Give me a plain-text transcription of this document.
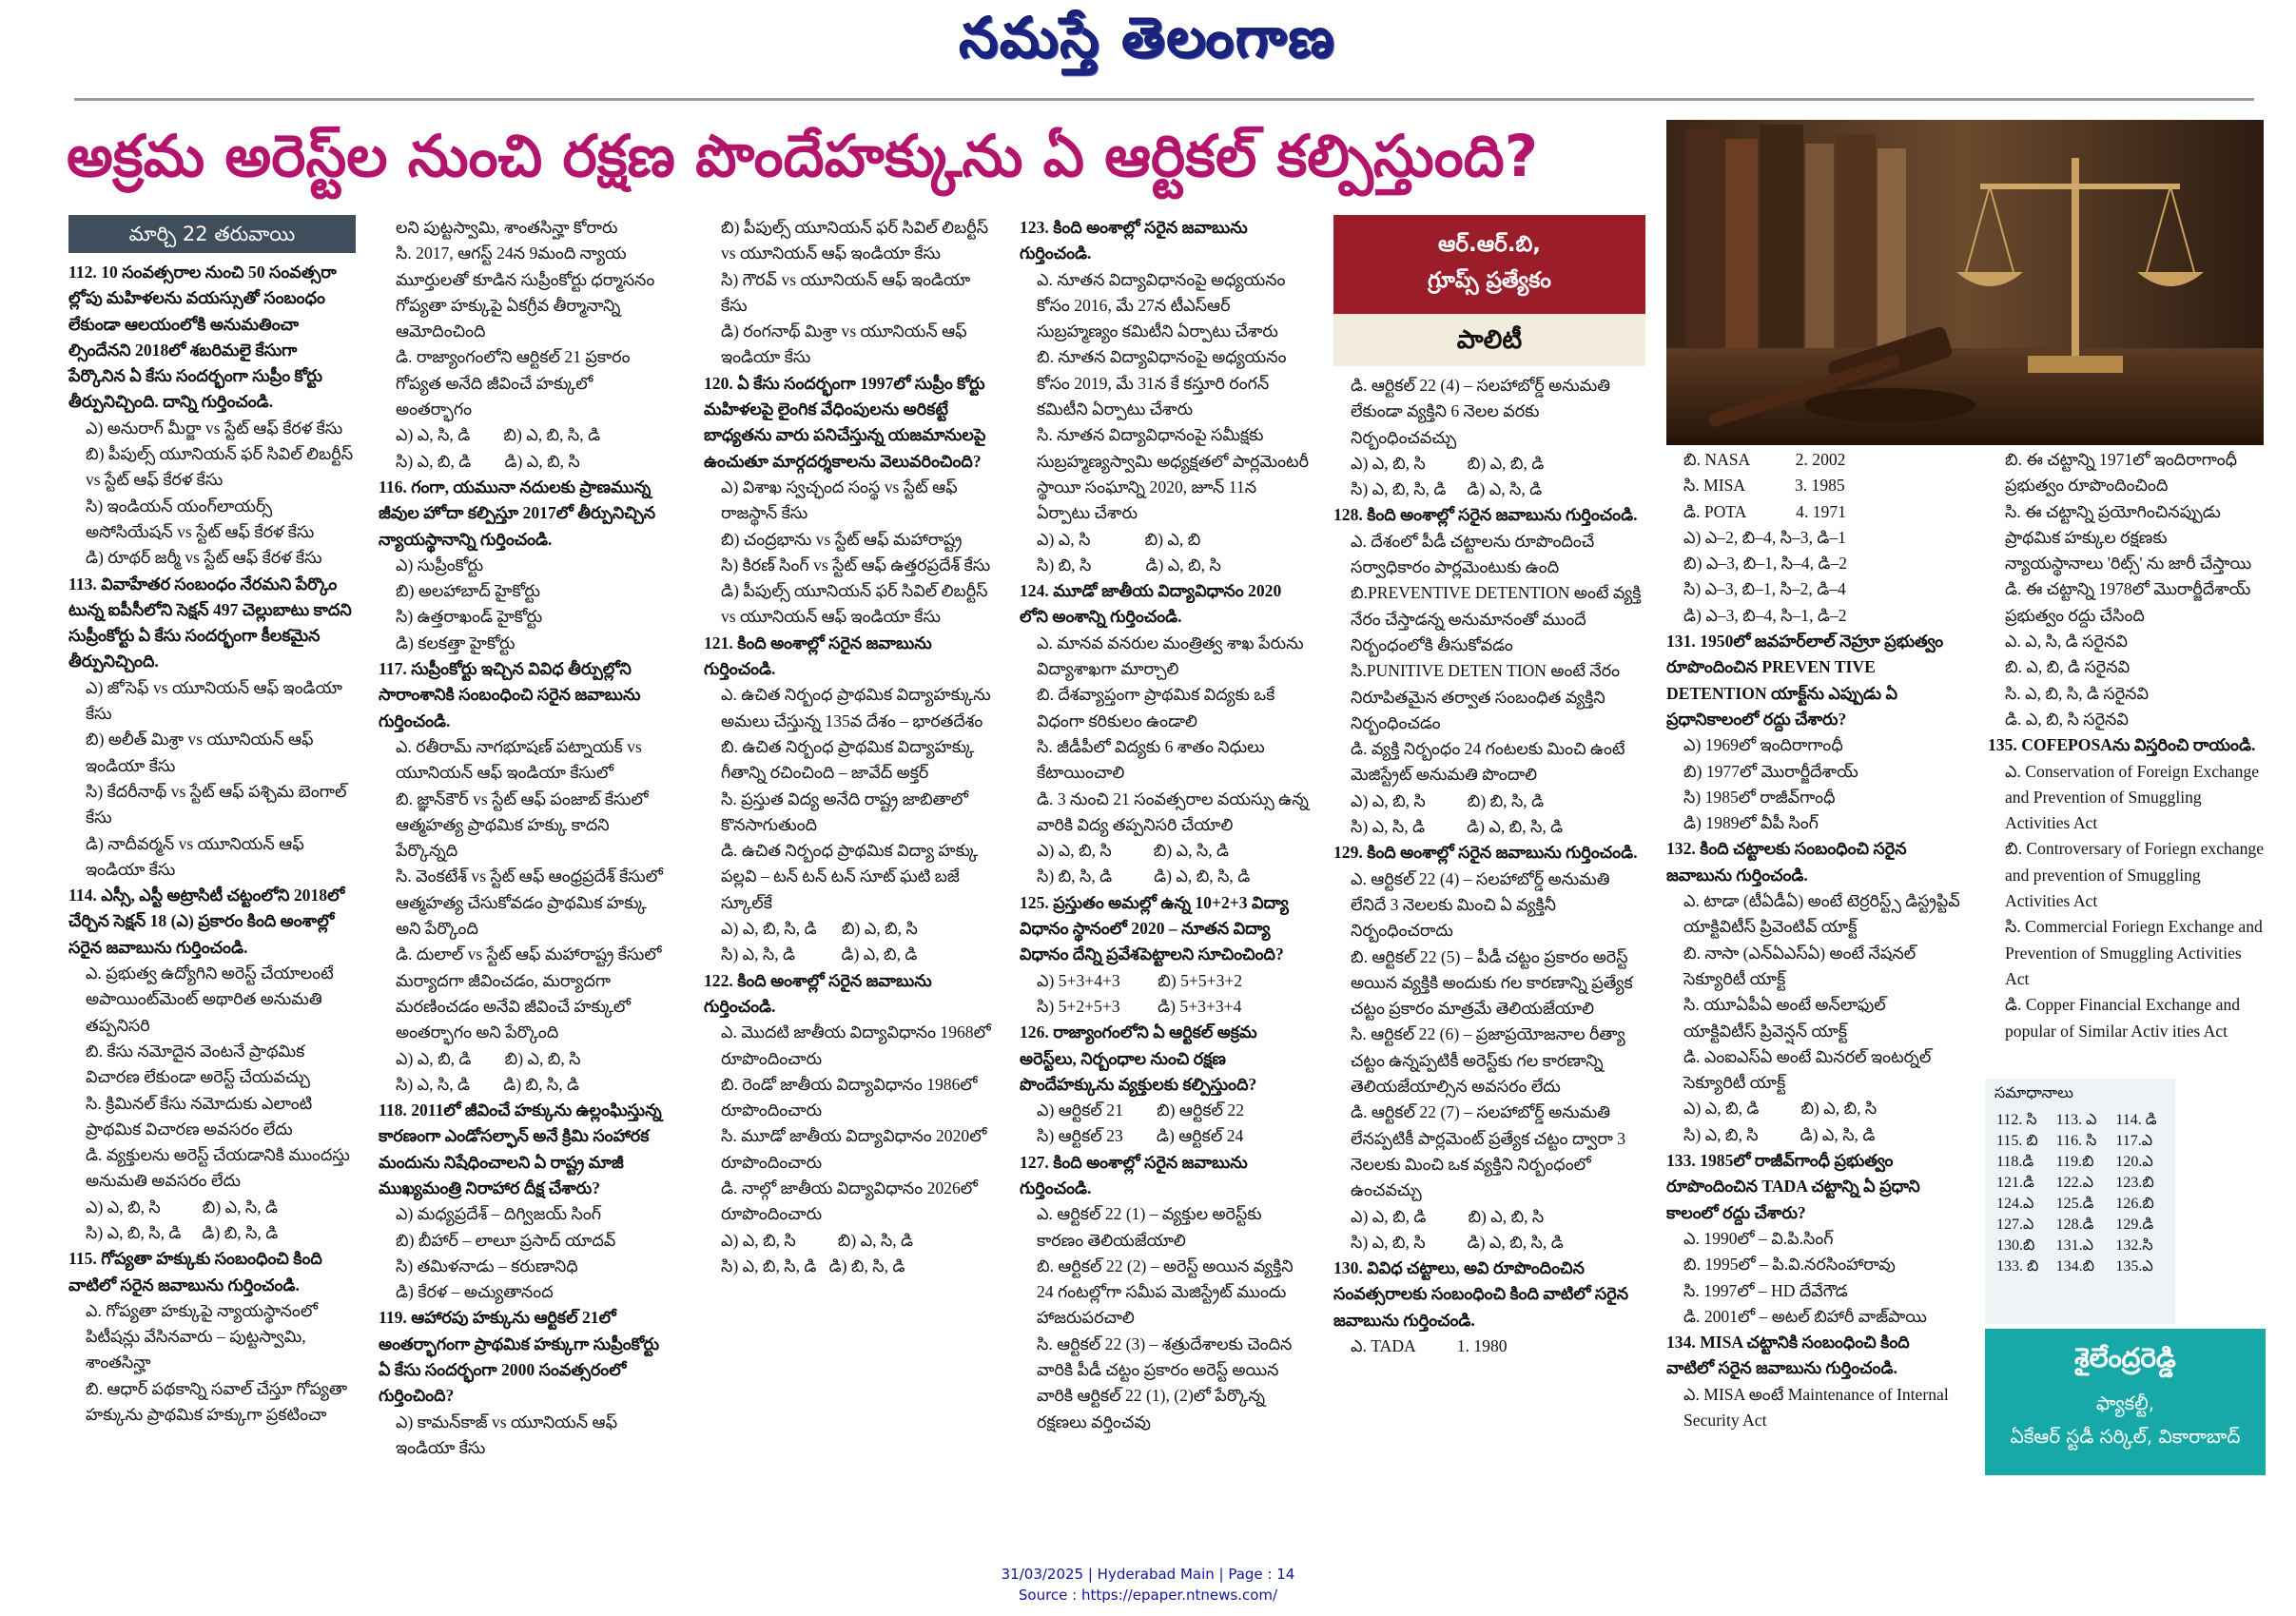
నమస్తే తెలంగాణ
అక్రమ అరెస్ట్‌ల నుంచి రక్షణ పొందేహక్కును ఏ ఆర్టికల్ కల్పిస్తుంది?
మార్చి 22 తరువాయి

112. 10 సంవత్సరాల నుంచి 50 సంవత్సరా ల్లోపు మహిళలను వయస్సుతో సంబంధం లేకుండా ఆలయంలోకి అనుమతించా ల్సిందేనని 2018లో శబరిమలై కేసుగా పేర్కొనిన ఏ కేసు సందర్భంగా సుప్రీం కోర్టు తీర్పునిచ్చింది. దాన్ని గుర్తించండి.

ఎ) అనురాగ్ మీర్జా vs స్టేట్ ఆఫ్ కేరళ కేసు

బి) పీపుల్స్ యూనియన్ ఫర్ సివిల్ లిబర్టీస్ vs స్టేట్ ఆఫ్ కేరళ కేసు

సి) ఇండియన్ యంగ్‌లాయర్స్ అసోసియేషన్ vs స్టేట్ ఆఫ్ కేరళ కేసు

డి) రూథర్ జర్మీ vs స్టేట్ ఆఫ్ కేరళ కేసు

113. వివాహేతర సంబంధం నేరమని పేర్కొం టున్న ఐపీసీలోని సెక్షన్ 497 చెల్లుబాటు కాదని సుప్రీంకోర్టు ఏ కేసు సందర్భంగా కీలకమైన తీర్పునిచ్చింది.

ఎ) జోసెఫ్ vs యూనియన్ ఆఫ్ ఇండియా కేసు

బి) అలీత్ మిశ్రా vs యూనియన్ ఆఫ్ ఇండియా కేసు

సి) కేదరీనాథ్ vs స్టేట్ ఆఫ్ పశ్చిమ బెంగాల్ కేసు

డి) నాదీవర్మన్ vs యూనియన్ ఆఫ్ ఇండియా కేసు

114. ఎస్సీ, ఎస్టీ అట్రాసిటీ చట్టంలోని 2018లో చేర్చిన సెక్షన్ 18 (ఎ) ప్రకారం కింది అంశాల్లో సరైన జవాబును గుర్తించండి.

ఎ. ప్రభుత్వ ఉద్యోగిని అరెస్ట్ చేయాలంటే అపాయింట్‌మెంట్ అథారిత అనుమతి తప్పనిసరి

బి. కేసు నమోదైన వెంటనే ప్రాథమిక విచారణ లేకుండా అరెస్ట్ చేయవచ్చు

సి. క్రిమినల్ కేసు నమోదుకు ఎలాంటి ప్రాథమిక విచారణ అవసరం లేదు

డి. వ్యక్తులను అరెస్ట్ చేయడానికి ముందస్తు అనుమతి అవసరం లేదు

ఎ) ఎ, బి, సి          బి) ఎ, సి, డి

సి) ఎ, బి, సి, డి     డి) బి, సి, డి

115. గోప్యతా హక్కుకు సంబంధించి కింది వాటిలో సరైన జవాబును గుర్తించండి.

ఎ. గోప్యతా హక్కుపై న్యాయస్థానంలో పిటీషన్లు వేసినవారు – పుట్టస్వామి, శాంతసిన్హా

బి. ఆధార్ పథకాన్ని సవాల్ చేస్తూ గోప్యతా హక్కును ప్రాథమిక హక్కుగా ప్రకటించా

లని పుట్టస్వామి, శాంతసిన్హా కోరారు

సి. 2017, ఆగస్ట్ 24న 9మంది న్యాయ మూర్తులతో కూడిన సుప్రీంకోర్టు ధర్మాసనం గోప్యతా హక్కుపై ఏకగ్రీవ తీర్మానాన్ని ఆమోదించింది

డి. రాజ్యాంగంలోని ఆర్టికల్ 21 ప్రకారం గోప్యత అనేది జీవించే హక్కులో అంతర్భాగం

ఎ) ఎ, సి, డి        బి) ఎ, బి, సి, డి

సి) ఎ, బి, డి        డి) ఎ, బి, సి

116. గంగా, యమునా నదులకు ప్రాణమున్న జీవుల హోదా కల్పిస్తూ 2017లో తీర్పునిచ్చిన న్యాయస్థానాన్ని గుర్తించండి.

ఎ) సుప్రీంకోర్టు

బి) అలహాబాద్ హైకోర్టు

సి) ఉత్తరాఖండ్ హైకోర్టు

డి) కలకత్తా హైకోర్టు

117. సుప్రీంకోర్టు ఇచ్చిన వివిధ తీర్పుల్లోని సారాంశానికి సంబంధించి సరైన జవాబును గుర్తించండి.

ఎ. రతీరామ్ నాగభూషణ్ పట్నాయక్ vs యూనియన్ ఆఫ్ ఇండియా కేసులో

బి. జ్ఞాన్‌కౌర్ vs స్టేట్ ఆఫ్ పంజాబ్ కేసులో ఆత్మహత్య ప్రాథమిక హక్కు కాదని పేర్కొన్నది

సి. వెంకటేశ్ vs స్టేట్ ఆఫ్ ఆంధ్రప్రదేశ్ కేసులో ఆత్మహత్య చేసుకోవడం ప్రాథమిక హక్కు అని పేర్కొంది

డి. దులాల్ vs స్టేట్ ఆఫ్ మహారాష్ట్ర కేసులో మర్యాదగా జీవించడం, మర్యాదగా మరణించడం అనేవి జీవించే హక్కులో అంతర్భాగం అని పేర్కొంది

ఎ) ఎ, బి, డి        బి) ఎ, బి, సి

సి) ఎ, సి, డి        డి) బి, సి, డి

118. 2011లో జీవించే హక్కును ఉల్లంఘిస్తున్న కారణంగా ఎండోసల్ఫాన్ అనే క్రిమి సంహారక మందును నిషేధించాలని ఏ రాష్ట్ర మాజీ ముఖ్యమంత్రి నిరాహార దీక్ష చేశారు?

ఎ) మధ్యప్రదేశ్ – దిగ్విజయ్ సింగ్

బి) బీహార్ – లాలూ ప్రసాద్ యాదవ్

సి) తమిళనాడు – కరుణానిధి

డి) కేరళ – అచ్యుతానంద

119. ఆహారపు హక్కును ఆర్టికల్ 21లో అంతర్భాగంగా ప్రాథమిక హక్కుగా సుప్రీంకోర్టు ఏ కేసు సందర్భంగా 2000 సంవత్సరంలో గుర్తించింది?

ఎ) కామన్‌కాజ్ vs యూనియన్ ఆఫ్ ఇండియా కేసు

బి) పీపుల్స్ యూనియన్ ఫర్ సివిల్ లిబర్టీస్ vs యూనియన్ ఆఫ్ ఇండియా కేసు

సి) గౌరవ్ vs యూనియన్ ఆఫ్ ఇండియా కేసు

డి) రంగనాథ్ మిశ్రా vs యూనియన్ ఆఫ్ ఇండియా కేసు

120. ఏ కేసు సందర్భంగా 1997లో సుప్రీం కోర్టు మహిళలపై లైంగిక వేధింపులను అరికట్టే బాధ్యతను వారు పనిచేస్తున్న యజమానులపై ఉంచుతూ మార్గదర్శకాలను వెలువరించింది?

ఎ) విశాఖ స్వచ్ఛంద సంస్థ vs స్టేట్ ఆఫ్ రాజస్థాన్ కేసు

బి) చంద్రభాను vs స్టేట్ ఆఫ్ మహారాష్ట్ర

సి) కిరణ్ సింగ్ vs స్టేట్ ఆఫ్ ఉత్తరప్రదేశ్ కేసు

డి) పీపుల్స్ యూనియన్ ఫర్ సివిల్ లిబర్టీస్ vs యూనియన్ ఆఫ్ ఇండియా కేసు

121. కింది అంశాల్లో సరైన జవాబును గుర్తించండి.

ఎ. ఉచిత నిర్బంధ ప్రాథమిక విద్యాహక్కును అమలు చేస్తున్న 135వ దేశం – భారతదేశం

బి. ఉచిత నిర్బంధ ప్రాథమిక విద్యాహక్కు గీతాన్ని రచించింది – జావేద్ అక్తర్

సి. ప్రస్తుత విద్య అనేది రాష్ట్ర జాబితాలో కొనసాగుతుంది

డి. ఉచిత నిర్బంధ ప్రాథమిక విద్యా హక్కు పల్లవి – టన్ టన్ టన్ సూట్ ఘటి బజే స్కూల్‌కే

ఎ) ఎ, బి, సి, డి      బి) ఎ, బి, సి

సి) ఎ, సి, డి           డి) ఎ, బి, డి

122. కింది అంశాల్లో సరైన జవాబును గుర్తించండి.

ఎ. మొదటి జాతీయ విద్యావిధానం 1968లో రూపొందించారు

బి. రెండో జాతీయ విద్యావిధానం 1986లో రూపొందించారు

సి. మూడో జాతీయ విద్యావిధానం 2020లో రూపొందించారు

డి. నాల్గో జాతీయ విద్యావిధానం 2026లో రూపొందించారు

ఎ) ఎ, బి, సి          బి) ఎ, సి, డి

సి) ఎ, బి, సి, డి   డి) బి, సి, డి

123. కింది అంశాల్లో సరైన జవాబును గుర్తించండి.

ఎ. నూతన విద్యావిధానంపై అధ్యయనం కోసం 2016, మే 27న టీఎస్ఆర్ సుబ్రహ్మణ్యం కమిటీని ఏర్పాటు చేశారు

బి. నూతన విద్యావిధానంపై అధ్యయనం కోసం 2019, మే 31న కే కస్తూరి రంగన్ కమిటీని ఏర్పాటు చేశారు

సి. నూతన విద్యావిధానంపై సమీక్షకు సుబ్రహ్మణ్యస్వామి అధ్యక్షతలో పార్లమెంటరీ స్థాయీ సంఘాన్ని 2020, జూన్ 11న ఏర్పాటు చేశారు

ఎ) ఎ, సి             బి) ఎ, బి

సి) బి, సి             డి) ఎ, బి, సి

124. మూడో జాతీయ విద్యావిధానం 2020 లోని అంశాన్ని గుర్తించండి.

ఎ. మానవ వనరుల మంత్రిత్వ శాఖ పేరును విద్యాశాఖగా మార్చాలి

బి. దేశవ్యాప్తంగా ప్రాథమిక విద్యకు ఒకే విధంగా కరికులం ఉండాలి

సి. జీడీపీలో విద్యకు 6 శాతం నిధులు కేటాయించాలి

డి. 3 నుంచి 21 సంవత్సరాల వయస్సు ఉన్న వారికి విద్య తప్పనిసరి చేయాలి

ఎ) ఎ, బి, సి          బి) ఎ, సి, డి

సి) బి, సి, డి          డి) ఎ, బి, సి, డి

125. ప్రస్తుతం అమల్లో ఉన్న 10+2+3 విద్యా విధానం స్థానంలో 2020 – నూతన విద్యా విధానం దేన్ని ప్రవేశపెట్టాలని సూచించింది?

ఎ) 5+3+4+3         బి) 5+5+3+2

సి) 5+2+5+3         డి) 5+3+3+4

126. రాజ్యాంగంలోని ఏ ఆర్టికల్ అక్రమ అరెస్ట్‌లు, నిర్బంధాల నుంచి రక్షణ పొందేహక్కును వ్యక్తులకు కల్పిస్తుంది?

ఎ) ఆర్టికల్ 21        బి) ఆర్టికల్ 22

సి) ఆర్టికల్ 23        డి) ఆర్టికల్ 24

127. కింది అంశాల్లో సరైన జవాబును గుర్తించండి.

ఎ. ఆర్టికల్ 22 (1) – వ్యక్తుల అరెస్ట్‌కు కారణం తెలియజేయాలి

బి. ఆర్టికల్ 22 (2) – అరెస్ట్ అయిన వ్యక్తిని 24 గంటల్లోగా సమీప మెజిస్ట్రేట్ ముందు హాజరుపరచాలి

సి. ఆర్టికల్ 22 (3) – శత్రుదేశాలకు చెందిన వారికి పీడీ చట్టం ప్రకారం అరెస్ట్ అయిన వారికి ఆర్టికల్ 22 (1), (2)లో పేర్కొన్న రక్షణలు వర్తించవు

ఆర్.ఆర్.బి,
గ్రూప్స్ ప్రత్యేకం
పాలిటీ

డి. ఆర్టికల్ 22 (4) – సలహాబోర్డ్ అనుమతి లేకుండా వ్యక్తిని 6 నెలల వరకు నిర్బంధించవచ్చు

ఎ) ఎ, బి, సి          బి) ఎ, బి, డి

సి) ఎ, బి, సి, డి     డి) ఎ, సి, డి

128. కింది అంశాల్లో సరైన జవాబును గుర్తించండి.

ఎ. దేశంలో పీడీ చట్టాలను రూపొందించే సర్వాధికారం పార్లమెంటుకు ఉంది

బి.PREVENTIVE DETENTION అంటే వ్యక్తి నేరం చేస్తాడన్న అనుమానంతో ముందే నిర్బంధంలోకి తీసుకోవడం

సి.PUNITIVE DETEN TION అంటే నేరం నిరూపితమైన తర్వాత సంబంధిత వ్యక్తిని నిర్బంధించడం

డి. వ్యక్తి నిర్బంధం 24 గంటలకు మించి ఉంటే మెజిస్ట్రేట్ అనుమతి పొందాలి

ఎ) ఎ, బి, సి          బి) బి, సి, డి

సి) ఎ, సి, డి          డి) ఎ, బి, సి, డి

129. కింది అంశాల్లో సరైన జవాబును గుర్తించండి.

ఎ. ఆర్టికల్ 22 (4) – సలహాబోర్డ్ అనుమతి లేనిదే 3 నెలలకు మించి ఏ వ్యక్తినీ నిర్బంధించరాదు

బి. ఆర్టికల్ 22 (5) – పీడీ చట్టం ప్రకారం అరెస్ట్ అయిన వ్యక్తికి అందుకు గల కారణాన్ని ప్రత్యేక చట్టం ప్రకారం మాత్రమే తెలియజేయాలి

సి. ఆర్టికల్ 22 (6) – ప్రజాప్రయోజనాల రీత్యా చట్టం ఉన్నప్పటికీ అరెస్ట్‌కు గల కారణాన్ని తెలియజేయాల్సిన అవసరం లేదు

డి. ఆర్టికల్ 22 (7) – సలహాబోర్డ్ అనుమతి లేనప్పటికీ పార్లమెంట్ ప్రత్యేక చట్టం ద్వారా 3 నెలలకు మించి ఒక వ్యక్తిని నిర్బంధంలో ఉంచవచ్చు

ఎ) ఎ, బి, డి          బి) ఎ, బి, సి

సి) ఎ, బి, సి          డి) ఎ, బి, సి, డి

130. వివిధ చట్టాలు, అవి రూపొందించిన సంవత్సరాలకు సంబంధించి కింది వాటిలో సరైన జవాబును గుర్తించండి.

ఎ. TADA          1. 1980

బి. NASA           2. 2002

సి. MISA            3. 1985

డి. POTA            4. 1971

ఎ) ఎ–2, బి–4, సి–3, డి–1

బి) ఎ–3, బి–1, సి–4, డి–2

సి) ఎ–3, బి–1, సి–2, డి–4

డి) ఎ–3, బి–4, సి–1, డి–2

131. 1950లో జవహర్‌లాల్ నెహ్రూ ప్రభుత్వం రూపొందించిన PREVEN TIVE DETENTION యాక్ట్‌ను ఎప్పుడు ఏ ప్రధానికాలంలో రద్దు చేశారు?

ఎ) 1969లో ఇందిరాగాంధీ

బి) 1977లో మొరార్జీదేశాయ్

సి) 1985లో రాజీవ్‌గాంధీ

డి) 1989లో వీపీ సింగ్

132. కింది చట్టాలకు సంబంధించి సరైన జవాబును గుర్తించండి.

ఎ. టాడా (టీఏడీఏ) అంటే టెర్రరిస్ట్స్ డిస్ట్రప్టివ్ యాక్టివిటీస్ ప్రివెంటివ్ యాక్ట్

బి. నాసా (ఎన్ఏఎస్ఏ) అంటే నేషనల్ సెక్యూరిటీ యాక్ట్

సి. యూఏపీఏ అంటే అన్‌లాఫుల్ యాక్టివిటీస్ ప్రివెన్షన్ యాక్ట్

డి. ఎంఐఎస్ఏ అంటే మినరల్ ఇంటర్నల్ సెక్యూరిటీ యాక్ట్

ఎ) ఎ, బి, డి          బి) ఎ, బి, సి

సి) ఎ, బి, సి          డి) ఎ, సి, డి

133. 1985లో రాజీవ్‌గాంధీ ప్రభుత్వం రూపొందించిన TADA చట్టాన్ని ఏ ప్రధాని కాలంలో రద్దు చేశారు?

ఎ. 1990లో – వి.పి.సింగ్

బి. 1995లో – పి.వి.నరసింహారావు

సి. 1997లో – HD దేవేగౌడ

డి. 2001లో – అటల్ బిహారీ వాజ్‌పాయి

134. MISA చట్టానికి సంబంధించి కింది వాటిలో సరైన జవాబును గుర్తించండి.

ఎ. MISA అంటే Maintenance of Internal Security Act

బి. ఈ చట్టాన్ని 1971లో ఇందిరాగాంధీ ప్రభుత్వం రూపొందించింది

సి. ఈ చట్టాన్ని ప్రయోగించినప్పుడు ప్రాథమిక హక్కుల రక్షణకు న్యాయస్థానాలు 'రిట్స్' ను జారీ చేస్తాయి

డి. ఈ చట్టాన్ని 1978లో మొరార్జీదేశాయ్ ప్రభుత్వం రద్దు చేసింది

ఎ. ఎ, సి, డి సరైనవి

బి. ఎ, బి, డి సరైనవి

సి. ఎ, బి, సి, డి సరైనవి

డి. ఎ, బి, సి సరైనవి

135. COFEPOSAను విస్తరించి రాయండి.

ఎ. Conservation of Foreign Exchange and Prevention of Smuggling Activities Act

బి. Controversary of Foriegn exchange and prevention of Smuggling Activities Act

సి. Commercial Foriegn Exchange and Prevention of Smuggling Activities Act

డి. Copper Financial Exchange and popular of Similar Activ ities Act

సమాధానాలు
112. సి	113. ఎ	114. డి
115. బి	116. సి	117.ఎ
118.డి	119.బి	120.ఎ
121.డి	122.ఎ	123.బి
124.ఎ	125.డి	126.బి
127.ఎ	128.డి	129.డి
130.బి	131.ఎ	132.సి
133. బి	134.బి	135.ఎ
శైలేంద్రరెడ్డి
ఫ్యాకల్టీ,
ఏకేఆర్ స్టడీ సర్కిల్, వికారాబాద్
31/03/2025 | Hyderabad Main | Page : 14
Source : https://epaper.ntnews.com/
